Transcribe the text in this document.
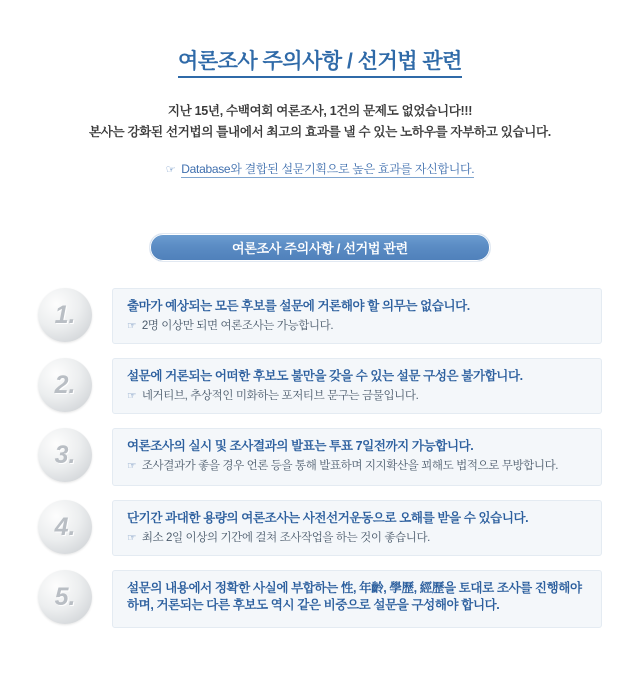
여론조사 주의사항 / 선거법 관련
지난 15년, 수백여회 여론조사, 1건의 문제도 없었습니다!!!
본사는 강화된 선거법의 틀내에서 최고의 효과를 낼 수 있는 노하우를 자부하고 있습니다.
☞ Database와 결합된 설문기획으로 높은 효과를 자신합니다.
여론조사 주의사항 / 선거법 관련
1.	출마가 예상되는 모든 후보를 설문에 거론해야 할 의무는 없습니다.
☞ 2명 이상만 되면 여론조사는 가능합니다.
2.	설문에 거론되는 어떠한 후보도 불만을 갖을 수 있는 설문 구성은 불가합니다.
☞ 네거티브, 추상적인 미화하는 포저티브 문구는 금물입니다.
3.	여론조사의 실시 및 조사결과의 발표는 투표 7일전까지 가능합니다.
☞ 조사결과가 좋을 경우 언론 등을 통해 발표하며 지지확산을 꾀해도 법적으로 무방합니다.
4.	단기간 과대한 용량의 여론조사는 사전선거운동으로 오해를 받을 수 있습니다.
☞ 최소 2일 이상의 기간에 걸쳐 조사작업을 하는 것이 좋습니다.
5.	설문의 내용에서 정확한 사실에 부합하는 性, 年齡, 學歷, 經歷을 토대로 조사를 진행해야 하며, 거론되는 다른 후보도 역시 같은 비중으로 설문을 구성해야 합니다.
